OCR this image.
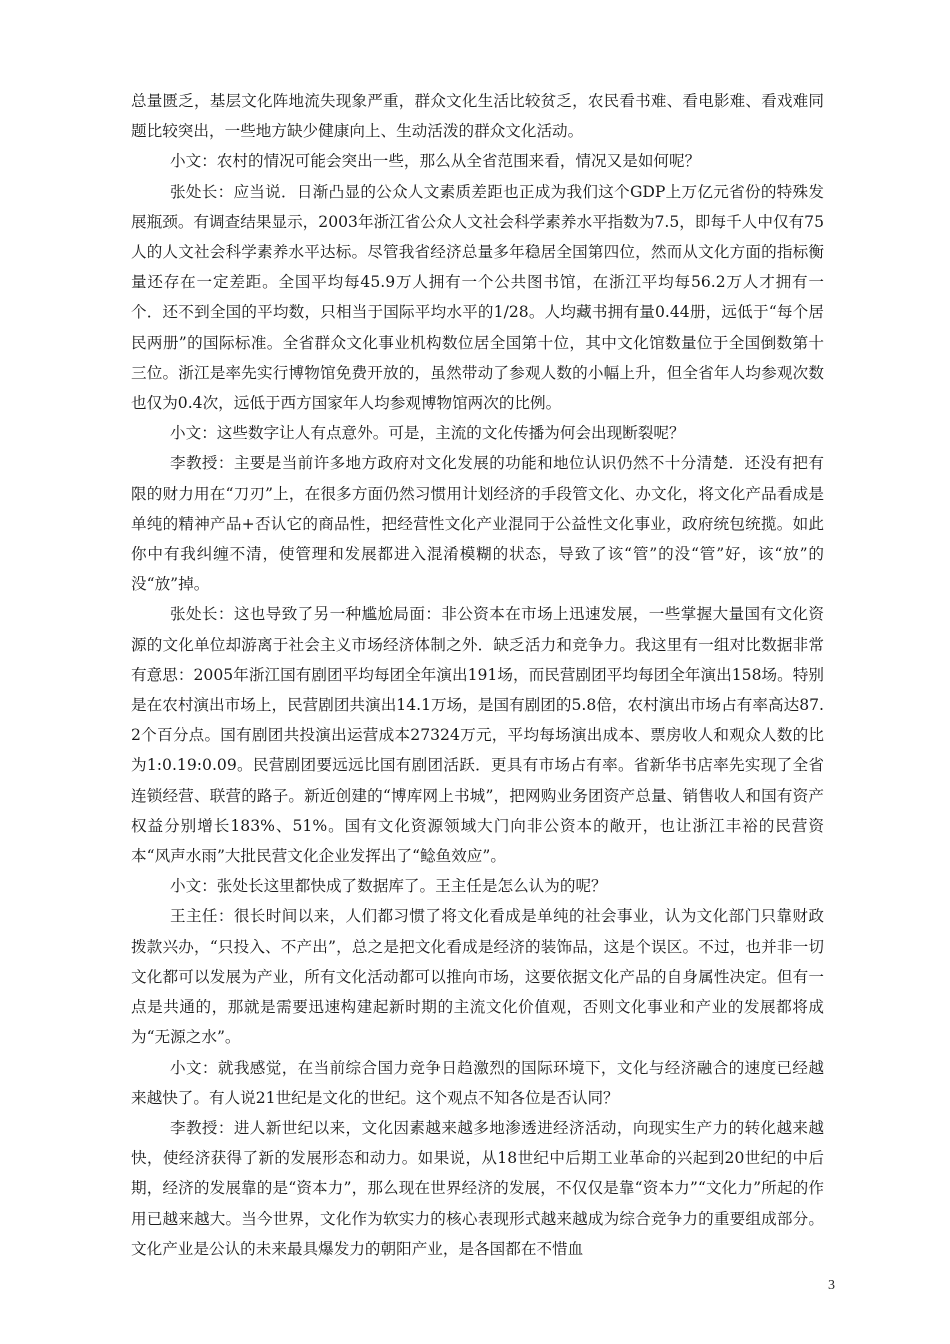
总量匮乏，基层文化阵地流失现象严重，群众文化生活比较贫乏，农民看书难、看电影难、看戏难同题比较突出，一些地方缺少健康向上、生动活泼的群众文化活动。

小文：农村的情况可能会突出一些，那么从全省范围来看，情况又是如何呢？

张处长：应当说．日渐凸显的公众人文素质差距也正成为我们这个GDP上万亿元省份的特殊发展瓶颈。有调查结果显示，2003年浙江省公众人文社会科学素养水平指数为7.5，即每千人中仅有75人的人文社会科学素养水平达标。尽管我省经济总量多年稳居全国第四位，然而从文化方面的指标衡量还存在一定差距。全国平均每45.9万人拥有一个公共图书馆，在浙江平均每56.2万人才拥有一个．还不到全国的平均数，只相当于国际平均水平的1/28。人均藏书拥有量0.44册，远低于“每个居民两册”的国际标准。全省群众文化事业机构数位居全国第十位，其中文化馆数量位于全国倒数第十三位。浙江是率先实行博物馆免费开放的，虽然带动了参观人数的小幅上升，但全省年人均参观次数也仅为0.4次，远低于西方国家年人均参观博物馆两次的比例。

小文：这些数字让人有点意外。可是，主流的文化传播为何会出现断裂呢？

李教授：主要是当前许多地方政府对文化发展的功能和地位认识仍然不十分清楚．还没有把有限的财力用在“刀刃”上，在很多方面仍然习惯用计划经济的手段管文化、办文化，将文化产品看成是单纯的精神产品+否认它的商品性，把经营性文化产业混同于公益性文化事业，政府统包统揽。如此你中有我纠缠不清，使管理和发展都进入混淆模糊的状态，导致了该“管”的没“管”好，该“放”的没“放”掉。

张处长：这也导致了另一种尴尬局面：非公资本在市场上迅速发展，一些掌握大量国有文化资源的文化单位却游离于社会主义市场经济体制之外．缺乏活力和竞争力。我这里有一组对比数据非常有意思：2005年浙江国有剧团平均每团全年演出191场，而民营剧团平均每团全年演出158场。特别是在农村演出市场上，民营剧团共演出14.1万场，是国有剧团的5.8倍，农村演出市场占有率高达87.2个百分点。国有剧团共投演出运营成本27324万元，平均每场演出成本、票房收人和观众人数的比为1:0.19:0.09。民营剧团要远远比国有剧团活跃．更具有市场占有率。省新华书店率先实现了全省连锁经营、联营的路子。新近创建的“博库网上书城”，把网购业务团资产总量、销售收人和国有资产权益分别增长183%、51%。国有文化资源领域大门向非公资本的敞开，也让浙江丰裕的民营资本“风声水雨”大批民营文化企业发挥出了“鲶鱼效应”。

小文：张处长这里都快成了数据库了。王主任是怎么认为的呢？

王主任：很长时间以来，人们都习惯了将文化看成是单纯的社会事业，认为文化部门只靠财政拨款兴办，“只投入、不产出”，总之是把文化看成是经济的装饰品，这是个误区。不过，也并非一切文化都可以发展为产业，所有文化活动都可以推向市场，这要依据文化产品的自身属性决定。但有一点是共通的，那就是需要迅速构建起新时期的主流文化价值观，否则文化事业和产业的发展都将成为“无源之水”。

小文：就我感觉，在当前综合国力竞争日趋激烈的国际环境下，文化与经济融合的速度已经越来越快了。有人说21世纪是文化的世纪。这个观点不知各位是否认同？

李教授：进人新世纪以来，文化因素越来越多地渗透进经济活动，向现实生产力的转化越来越快，使经济获得了新的发展形态和动力。如果说，从18世纪中后期工业革命的兴起到20世纪的中后期，经济的发展靠的是“资本力”，那么现在世界经济的发展，不仅仅是靠“资本力”“文化力”所起的作用已越来越大。当今世界，文化作为软实力的核心表现形式越来越成为综合竞争力的重要组成部分。文化产业是公认的未来最具爆发力的朝阳产业，是各国都在不惜血

3
